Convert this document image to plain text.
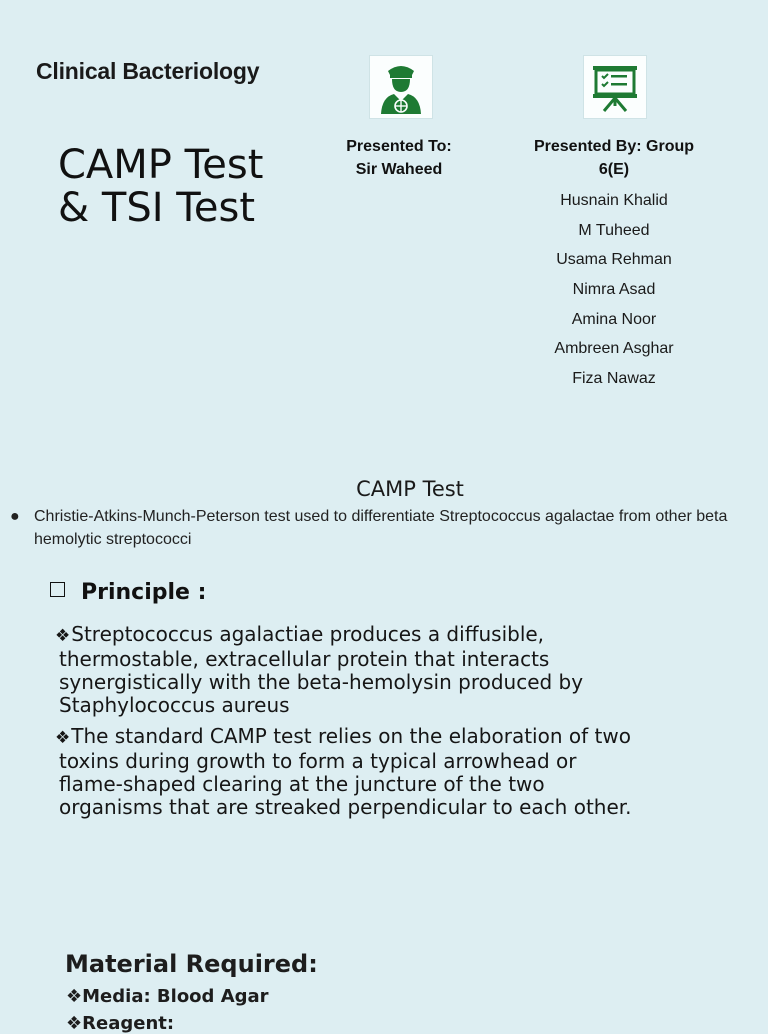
Clinical Bacteriology
CAMP Test & TSI Test
Presented To:
Sir Waheed
Presented By: Group 6(E)
Husnain Khalid
M Tuheed
Usama Rehman
Nimra Asad
Amina Noor
Ambreen Asghar
Fiza Nawaz
CAMP Test
● Christie-Atkins-Munch-Peterson test used to differentiate Streptococcus agalactae from other beta hemolytic streptococci
Principle :
❖Streptococcus agalactiae produces a diffusible,
thermostable, extracellular protein that interacts
synergistically with the beta-hemolysin produced by
Staphylococcus aureus
❖The standard CAMP test relies on the elaboration of two
toxins during growth to form a typical arrowhead or
flame-shaped clearing at the juncture of the two
organisms that are streaked perpendicular to each other.
Material Required:
❖Media: Blood Agar
❖Reagent:
